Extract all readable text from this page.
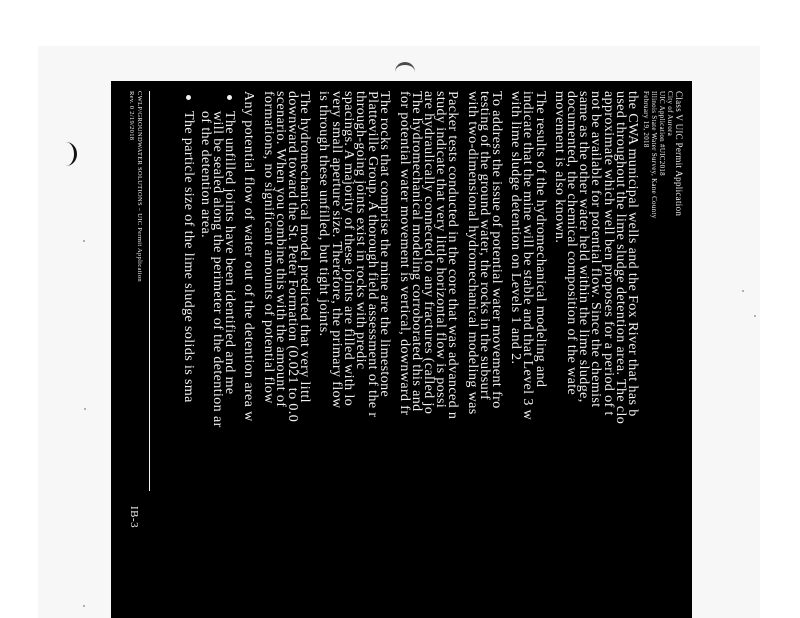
Class V UIC Permit Application
City of Aurora
UIC Application #UIC2018
Illinois State Water Survey, Kane County
February 19, 2018
the CWA municipal wells and the Fox River that has b
used throughout the lime sludge detention area. The clo
approximate which well ben proposes for a period of t
not be available for potential flow. Since the chemist
same as the other water held within the lime sludge,
documented, the chemical composition of the wate
movement is also known.
The results of the hydromechanical modeling and
indicate that the mine will be stable and that Level 3 w
with lime sludge detention on Levels 1 and 2.
To address the issue of potential water movement fro
testing of the ground water, the rocks in the subsurf
with two-dimensional hydromechanical modeling was
Packer tests conducted in the core that was advanced n
study indicate that very little horizontal flow is possi
are hydraulically connected to any fractures (called jo
The hydromechanical modeling corroborated this and
for potential water movement is vertical, downward fr
The rocks that comprise the mine are the limestone
Platteville Group. A thorough field assessment of the r
through-going joints exist in rocks with predic
spacings. A majority of these joints are filled with lo
very small aperture size. Therefore, the primary flow
is through these unfilled, but tight joints.
The hydromechanical model predicted that very littl
downward toward the St. Peter Formation (0.021 to 0.0
scenario. When you combine this with the amount of
formations, no significant amounts of potential flow
Any potential flow of water out of the detention area w
The unfilled joints have been identified and me
will be sealed along the perimeter of the detention ar
of the detention area.
The particle size of the lime sludge solids is sma
CWLP/GROUNDWATER SOLUTIONS – UIC Permit Application
Rev. 0 2/19/2018
IB-3
